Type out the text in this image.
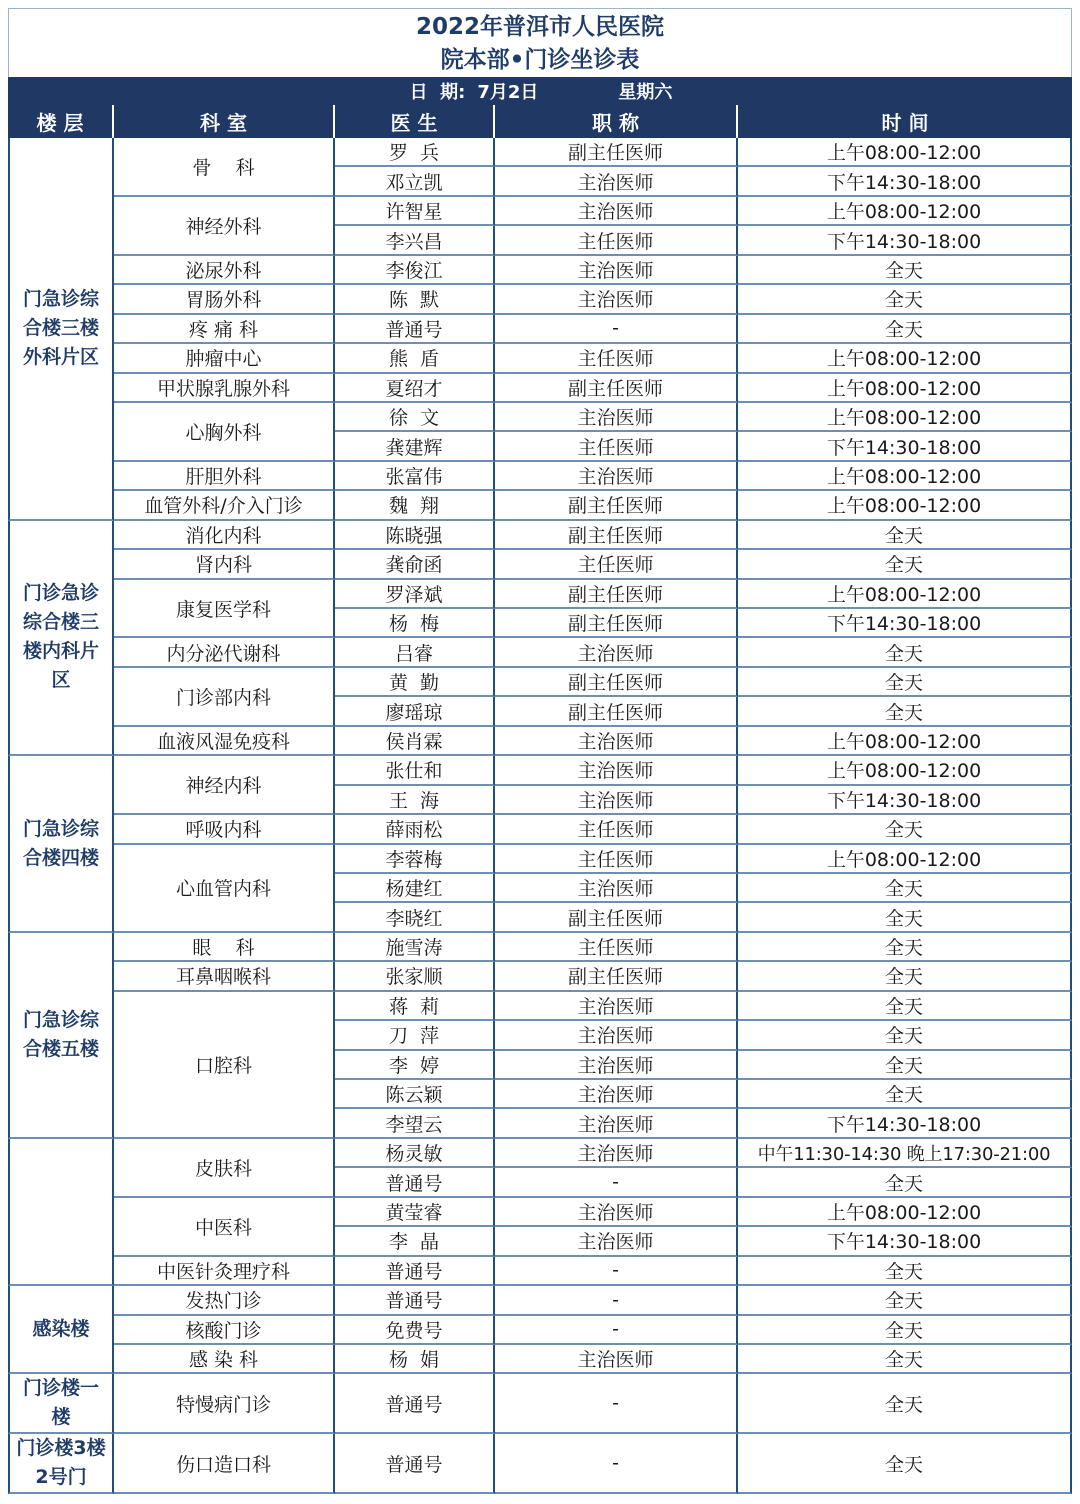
2022年普洱市人民医院
院本部•门诊坐诊表
日  期: 7月2日	星期六
楼 层	科 室	医 生	职 称	时 间
门急诊综合楼三楼外科片区
骨    科
罗  兵	副主任医师	上午08:00-12:00
邓立凯	主治医师	下午14:30-18:00
神经外科
许智星	主治医师	上午08:00-12:00
李兴昌	主任医师	下午14:30-18:00
泌尿外科	李俊江	主治医师	全天
胃肠外科	陈  默	主治医师	全天
疼 痛 科	普通号	-	全天
肿瘤中心	熊  盾	主任医师	上午08:00-12:00
甲状腺乳腺外科	夏绍才	副主任医师	上午08:00-12:00
心胸外科
徐  文	主治医师	上午08:00-12:00
龚建辉	主任医师	下午14:30-18:00
肝胆外科	张富伟	主治医师	上午08:00-12:00
血管外科/介入门诊	魏  翔	副主任医师	上午08:00-12:00
门诊急诊综合楼三楼内科片区
消化内科	陈晓强	副主任医师	全天
肾内科	龚俞函	主任医师	全天
康复医学科
罗泽斌	副主任医师	上午08:00-12:00
杨  梅	副主任医师	下午14:30-18:00
内分泌代谢科	吕睿	主治医师	全天
门诊部内科
黄  勤	副主任医师	全天
廖瑶琼	副主任医师	全天
血液风湿免疫科	侯肖霖	主治医师	上午08:00-12:00
门急诊综合楼四楼
神经内科
张仕和	主治医师	上午08:00-12:00
王  海	主治医师	下午14:30-18:00
呼吸内科	薛雨松	主任医师	全天
心血管内科
李蓉梅	主任医师	上午08:00-12:00
杨建红	主治医师	全天
李晓红	副主任医师	全天
门急诊综合楼五楼
眼    科	施雪涛	主任医师	全天
耳鼻咽喉科	张家顺	副主任医师	全天
口腔科
蒋  莉	主治医师	全天
刀  萍	主治医师	全天
李  婷	主治医师	全天
陈云颖	主治医师	全天
李望云	主治医师	下午14:30-18:00
皮肤科
杨灵敏	主治医师	中午11:30-14:30 晚上17:30-21:00
普通号	-	全天
中医科
黄莹睿	主治医师	上午08:00-12:00
李  晶	主治医师	下午14:30-18:00
中医针灸理疗科	普通号	-	全天
感染楼
发热门诊	普通号	-	全天
核酸门诊	免费号	-	全天
感 染 科	杨  娟	主治医师	全天
门诊楼一楼
特慢病门诊	普通号	-	全天
门诊楼3楼2号门
伤口造口科	普通号	-	全天
